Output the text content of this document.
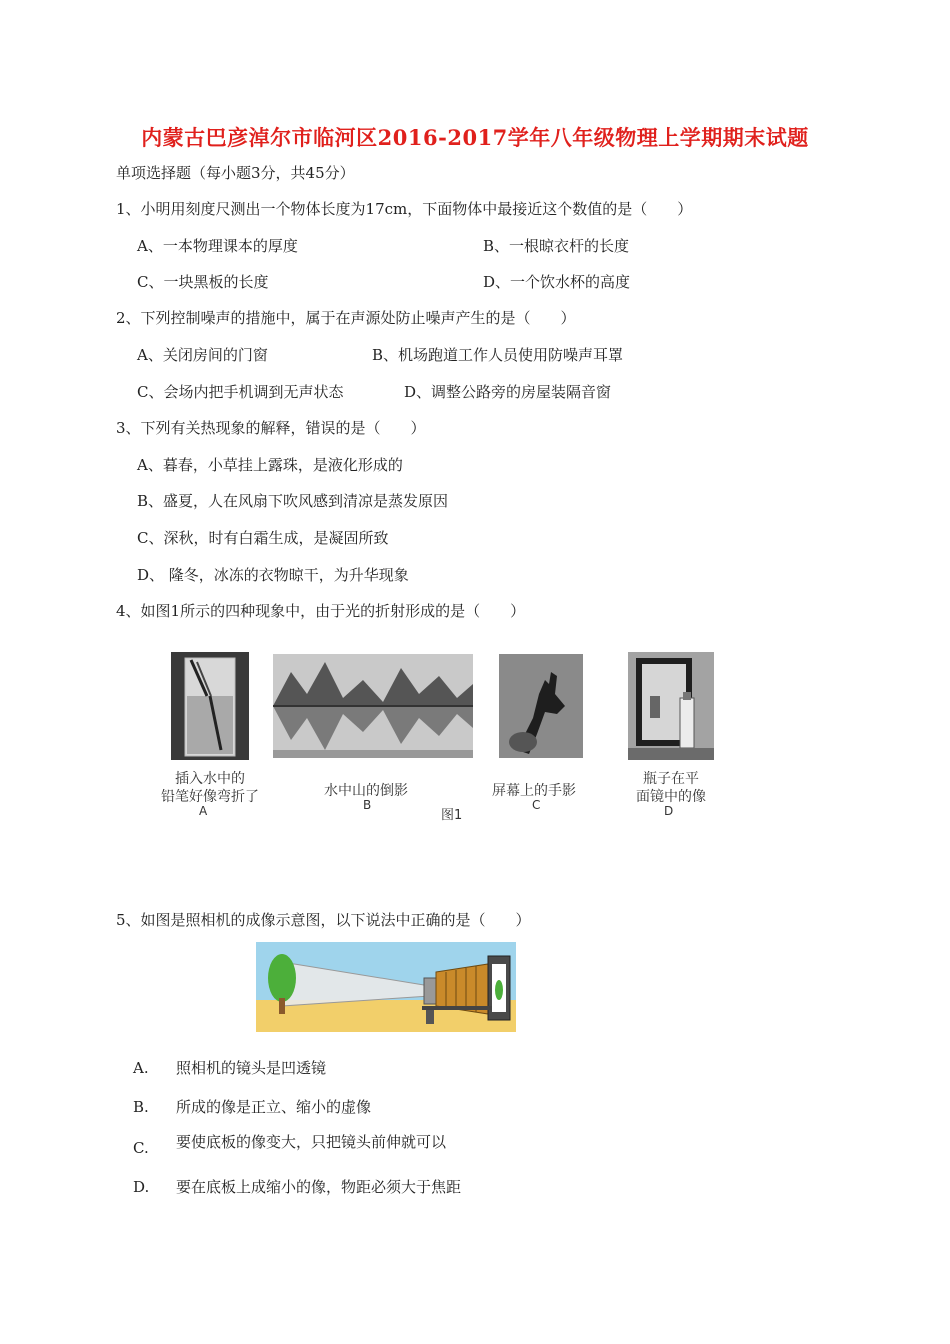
内蒙古巴彦淖尔市临河区2016-2017学年八年级物理上学期期末试题
单项选择题（每小题3分，共45分）
1、小明用刻度尺测出一个物体长度为17cm，下面物体中最接近这个数值的是（　　）
A、一本物理课本的厚度	B、一根晾衣杆的长度
C、一块黑板的长度	D、一个饮水杯的高度
2、下列控制噪声的措施中，属于在声源处防止噪声产生的是（　　）
A、关闭房间的门窗	B、机场跑道工作人员使用防噪声耳罩
C、会场内把手机调到无声状态	D、调整公路旁的房屋装隔音窗
3、下列有关热现象的解释，错误的是（　　）
A、暮春，小草挂上露珠，是液化形成的
B、盛夏，人在风扇下吹风感到清凉是蒸发原因
C、深秋，时有白霜生成，是凝固所致
D、 隆冬，冰冻的衣物晾干，为升华现象
4、如图1所示的四种现象中，由于光的折射形成的是（　　）
插入水中的
铅笔好像弯折了
A
水中山的倒影
B
屏幕上的手影
C
瓶子在平
面镜中的像
D
图1
5、如图是照相机的成像示意图，以下说法中正确的是（　　）
A. 照相机的镜头是凹透镜
B. 所成的像是正立、缩小的虚像
C. 要使底板的像变大，只把镜头前伸就可以
D. 要在底板上成缩小的像，物距必须大于焦距
